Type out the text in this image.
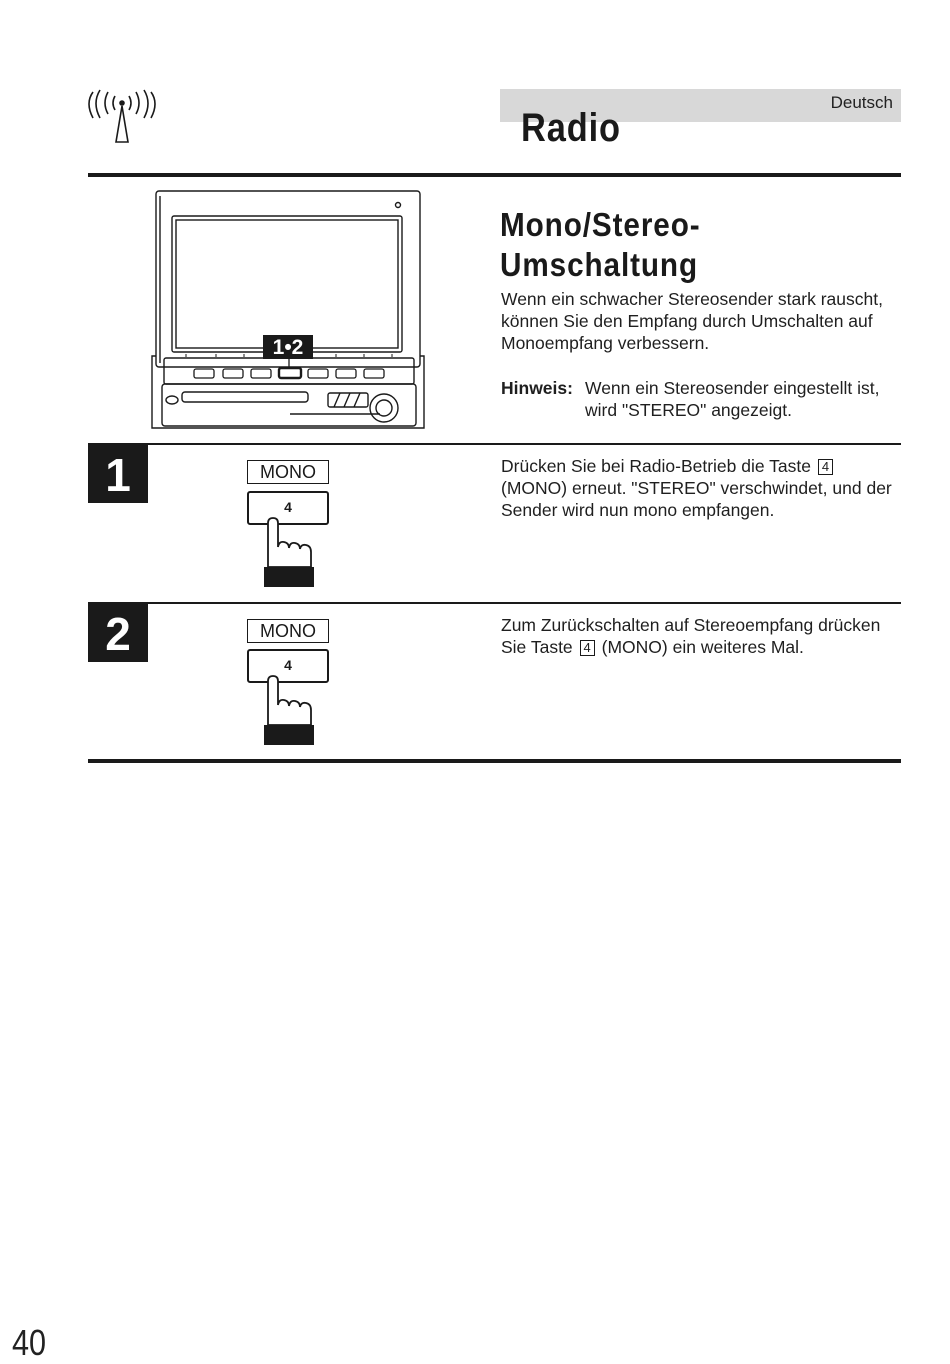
Deutsch
Radio
1•2
Mono/Stereo-
Umschaltung
Wenn ein schwacher Stereosender stark rauscht, können Sie den Empfang durch Umschalten auf Monoempfang verbessern.
Hinweis: Wenn ein Stereosender eingestellt ist, wird "STEREO" angezeigt.
1	MONO
4
Drücken Sie bei Radio-Betrieb die Taste 4 (MONO) erneut. "STEREO" verschwindet, und der Sender wird nun mono empfangen.
2	MONO
4
Zum Zurückschalten auf Stereoempfang drücken Sie Taste 4 (MONO) ein weiteres Mal.
40
